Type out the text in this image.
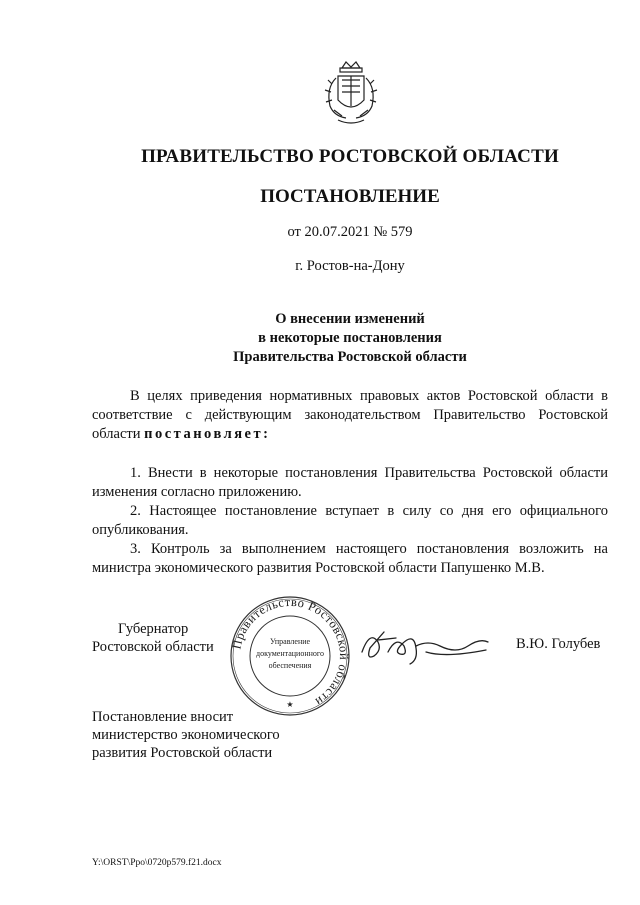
ПРАВИТЕЛЬСТВО РОСТОВСКОЙ ОБЛАСТИ
ПОСТАНОВЛЕНИЕ
от 20.07.2021 № 579
г. Ростов-на-Дону
О внесении изменений
в некоторые постановления
Правительства Ростовской области
В целях приведения нормативных правовых актов Ростовской области в соответствие с действующим законодательством Правительство Ростовской области постановляет:
1. Внести в некоторые постановления Правительства Ростовской области изменения согласно приложению.
2. Настоящее постановление вступает в силу со дня его официального опубликования.
3. Контроль за выполнением настоящего постановления возложить на министра экономического развития Ростовской области Папушенко М.В.
Губернатор
Ростовской области Правительство Ростовской области
Управление
документационного
обеспечения
★
В.Ю. Голубев
Постановление вносит
министерство экономического
развития Ростовской области
Y:\ORST\Ppo\0720p579.f21.docx
